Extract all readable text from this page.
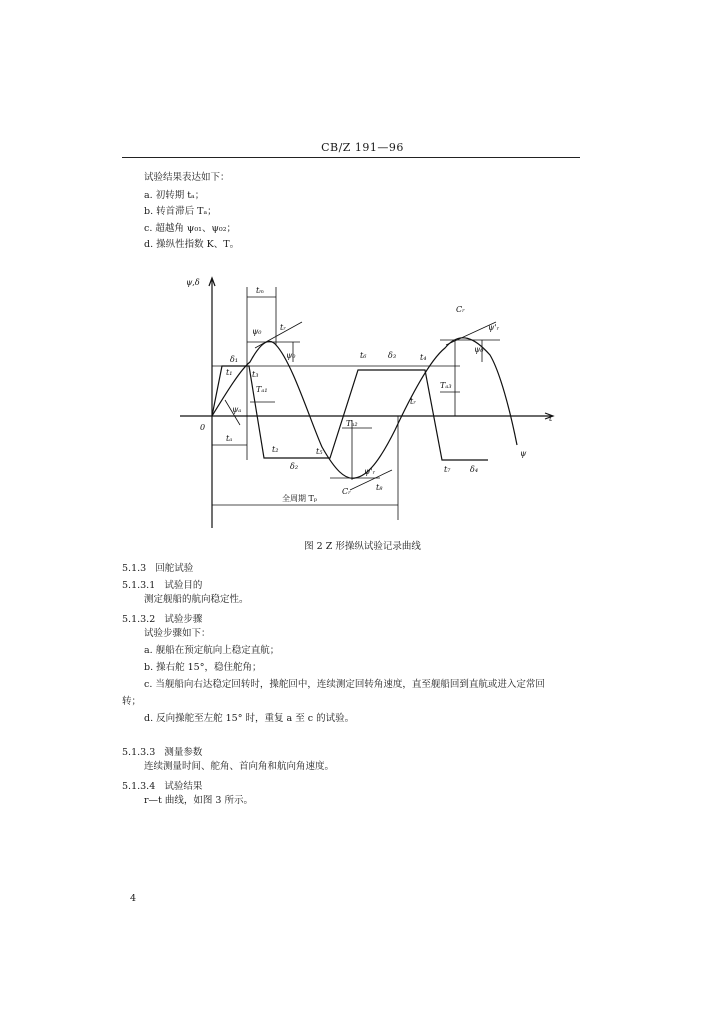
CB/Z 191—96
试验结果表达如下：
a. 初转期 tₐ；
b. 转首滞后 Tₐ；
c. 超越角 ψ₀₁、ψ₀₂；
d. 操纵性指数 K、T。
ψ,δ
0
t
ψ
tₘ
tₐ
δ₁
t₁ t₃
ψ₀ tᵣ
Tₐ₁
ψₐ
t₂
δ₂
t₅
Tₐ₂
ψ'ᵣ
Cᵣ
t₆	δ₃	t₄
Cᵣ
ψ'ᵣ
Tₐ₃
t₇ δ₄
ψ₀
ψ₀
t₈
tᵣ
全周期 Tₚ
图 2 Z 形操纵试验记录曲线
5.1.3 回舵试验
5.1.3.1 试验目的
测定舰船的航向稳定性。
5.1.3.2 试验步骤
试验步骤如下：
a. 舰船在预定航向上稳定直航；
b. 操右舵 15°，稳住舵角；
c. 当舰船向右达稳定回转时，操舵回中，连续测定回转角速度，直至舰船回到直航或进入定常回
转；
d. 反向操舵至左舵 15° 时，重复 a 至 c 的试验。
5.1.3.3 测量参数
连续测量时间、舵角、首向角和航向角速度。
5.1.3.4 试验结果
r—t 曲线，如图 3 所示。
4
